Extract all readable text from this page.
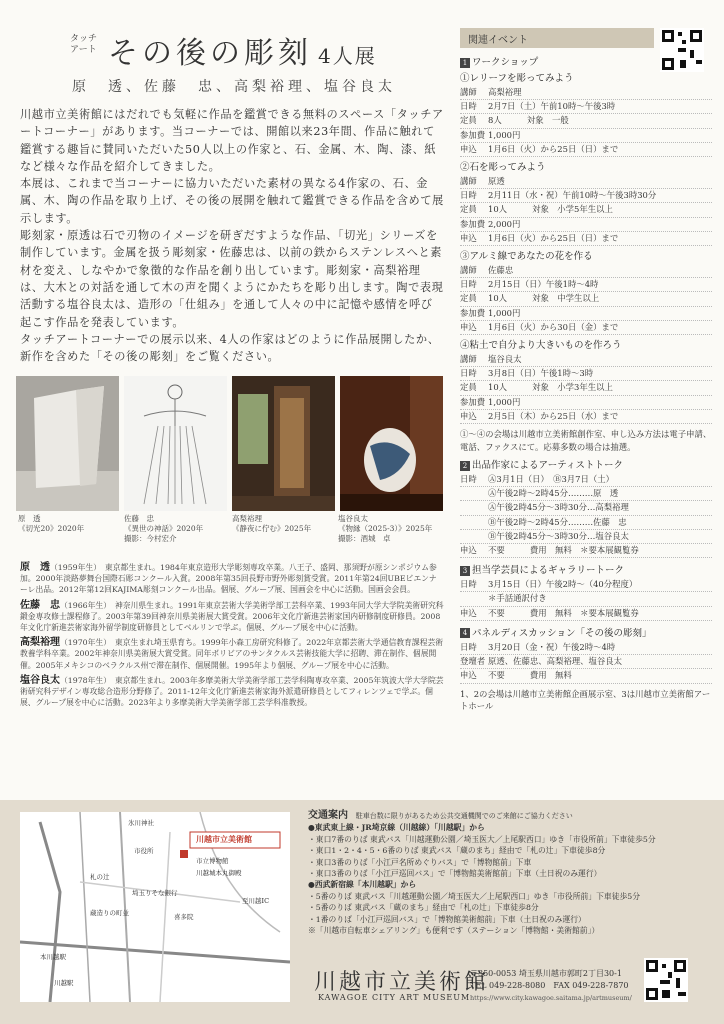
タッチ
アート その後の彫刻 4人展
原　透、佐藤　忠、高梨裕理、塩谷良太

川越市立美術館にはだれでも気軽に作品を鑑賞できる無料のスペース「タッチアートコーナー」があります。当コーナーでは、開館以来23年間、作品に触れて鑑賞する趣旨に賛同いただいた50人以上の作家と、石、金属、木、陶、漆、紙など様々な作品を紹介してきました。

本展は、これまで当コーナーに協力いただいた素材の異なる4作家の、石、金属、木、陶の作品を取り上げ、その後の展開を触れて鑑賞できる作品を含めて展示します。

彫刻家・原透は石で刃物のイメージを研ぎだすような作品、「切光」シリーズを制作しています。金属を扱う彫刻家・佐藤忠は、以前の鉄からステンレスへと素材を変え、しなやかで象徴的な作品を創り出しています。彫刻家・高梨裕理は、大木との対話を通して木の声を聞くようにかたちを彫り出します。陶で表現活動する塩谷良太は、造形の「仕組み」を通して人々の中に記憶や感情を呼び起こす作品を発表しています。

タッチアートコーナーでの展示以来、4人の作家はどのように作品展開したか、新作を含めた「その後の彫刻」をご覧ください。

原　透
《切光20》2020年
佐藤　忠
《異世の神話》2020年
撮影：今村宏介
高梨裕理
《静夜に佇む》2025年
塩谷良太
《物縁（2025-3）》2025年
撮影：酒城　卓
原　透（1959年生）　 東京都生まれ。1984年東京造形大学彫刻専攻卒業。八王子、盛岡、那須野が原シンポジウム参加。2000年淡路夢舞台国際石彫コンクール入賞。2008年第35回長野市野外彫刻賞受賞。2011年第24回UBEビエンナーレ出品。2012年第12回KAJIMA彫刻コンクール出品。個展、グループ展、国画会を中心に活動。国画会会員。
佐藤　忠（1966年生）　 神奈川県生まれ。1991年東京芸術大学美術学部工芸科卒業、1993年同大学大学院美術研究科鍛金専攻修士課程修了。2003年第39回神奈川県美術展大賞受賞。2006年文化庁新進芸術家国内研修制度研修員。2008年文化庁新進芸術家海外留学制度研修員としてベルリンで学ぶ。個展、グループ展を中心に活動。
高梨裕理（1970年生）　 東京生まれ埼玉県育ち。1999年小森工房研究科修了。2022年京都芸術大学通信教育課程芸術教養学科卒業。2002年神奈川県美術展大賞受賞。同年ボリビアのサンタクルス芸術技能大学に招聘、滞在制作、個展開催。2005年メキシコのベラクルス州で滞在制作、個展開催。1995年より個展、グループ展を中心に活動。
塩谷良太（1978年生）　 東京都生まれ。2003年多摩美術大学美術学部工芸学科陶専攻卒業、2005年筑波大学大学院芸術研究科デザイン専攻総合造形分野修了。2011-12年文化庁新進芸術家海外派遣研修員としてフィレンツェで学ぶ。個展、グループ展を中心に活動。2023年より多摩美術大学美術学部工芸学科准教授。
関連イベント
1 ワークショップ
①レリーフを彫ってみよう
講師	高梨裕理
日時	2月7日（土）午前10時〜午後3時
定員	8人　　　対象　一般
参加費 1,000円
申込	1月6日（火）から25日（日）まで
②石を彫ってみよう
講師	原透
日時	2月11日（水・祝）午前10時〜午後3時30分
定員	10人　　　対象　小学5年生以上
参加費 2,000円
申込	1月6日（火）から25日（日）まで
③アルミ線であなたの花を作る
講師	佐藤忠
日時	2月15日（日）午後1時〜4時
定員	10人　　　対象　中学生以上
参加費 1,000円
申込	1月6日（火）から30日（金）まで
④粘土で自分より大きいものを作ろう
講師	塩谷良太
日時	3月8日（日）午後1時〜3時
定員	10人　　　対象　小学3年生以上
参加費 1,000円
申込	2月5日（木）から25日（水）まで
①〜④の会場は川越市立美術館創作室、申し込み方法は電子申請、電話、ファクスにて。応募多数の場合は抽選。
2 出品作家によるアーティストトーク
日時	Ⓐ3月1日（日）　Ⓑ3月7日（土）
Ⓐ午後2時〜2時45分………原　透
Ⓐ午後2時45分〜3時30分…高梨裕理
Ⓑ午後2時〜2時45分………佐藤　忠
Ⓑ午後2時45分〜3時30分…塩谷良太
申込	不要　　　費用　無料　＊要本展観覧券
3 担当学芸員によるギャラリートーク
日時	3月15日（日）午後2時〜（40分程度）
＊手話通訳付き
申込	不要　　　費用　無料　＊要本展観覧券
4 パネルディスカッション「その後の彫刻」
日時	3月20日（金・祝）午後2時〜4時
登壇者 原透、佐藤忠、高梨裕理、塩谷良太
申込	不要　　　費用　無料
1、2の会場は川越市立美術館企画展示室、3は川越市立美術館アートホール
川越市立美術館
氷川神社
市役所
札の辻
本川越駅
川越駅
蔵造りの町並
市立博物館
川越城本丸御殿
喜多院
埼玉りそな銀行
至川越IC
交通案内　 駐車台数に限りがあるため公共交通機関でのご来館にご協力ください
●東武東上線・JR埼京線（川越線）「川越駅」から
・東口7番のりば 東武バス「川越運動公園／埼玉医大／上尾駅西口」ゆき「市役所前」下車徒歩5分
・東口1・2・4・5・6番のりば 東武バス「蔵のまち」経由で「札の辻」下車徒歩8分
・東口3番のりば「小江戸名所めぐりバス」で「博物館前」下車
・東口3番のりば「小江戸巡回バス」で「博物館美術館前」下車（土日祝のみ運行）
●西武新宿線「本川越駅」から
・5番のりば 東武バス「川越運動公園／埼玉医大／上尾駅西口」ゆき「市役所前」下車徒歩5分
・5番のりば 東武バス「蔵のまち」経由で「札の辻」下車徒歩8分
・1番のりば「小江戸巡回バス」で「博物館美術館前」下車（土日祝のみ運行）
※「川越市自転車シェアリング」も便利です（ステーション「博物館・美術館前」）
川越市立美術館
KAWAGOE CITY ART MUSEUM
〒350-0053 埼玉県川越市郭町2丁目30-1
TEL 049-228-8080　FAX 049-228-7870
https://www.city.kawagoe.saitama.jp/artmuseum/
